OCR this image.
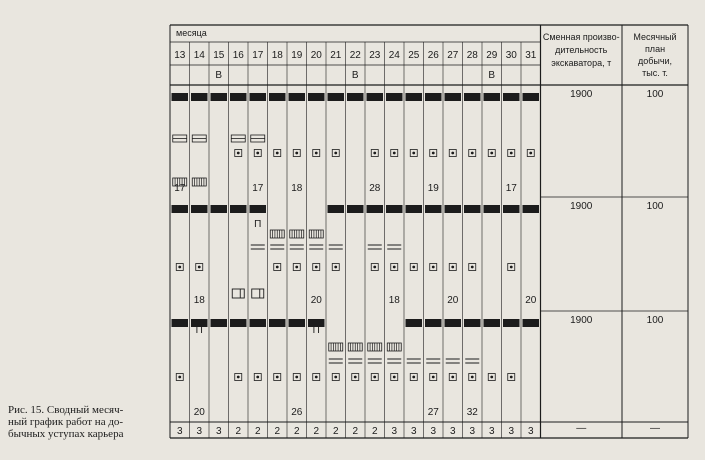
месяца	Сменная произво-
дительность
экскаватора, т
Месячный
план
добычи,
тыс. т.
13 14 15 16 17 18 19 20 21 22 23 24 25 26 27 28 29 30 31
В	В	В
17	17	18	28	19	17
1900	100
П
18	20	18	20	20
1900	100
П	П
20	26	27	32
1900	100
3 3 3 2 2 2 2 2 2 2 2 3 3 3 3 3 3 3 3	—	—
Рис. 15. Сводный месяч-
ный график работ на до-
бычных уступах карьера
